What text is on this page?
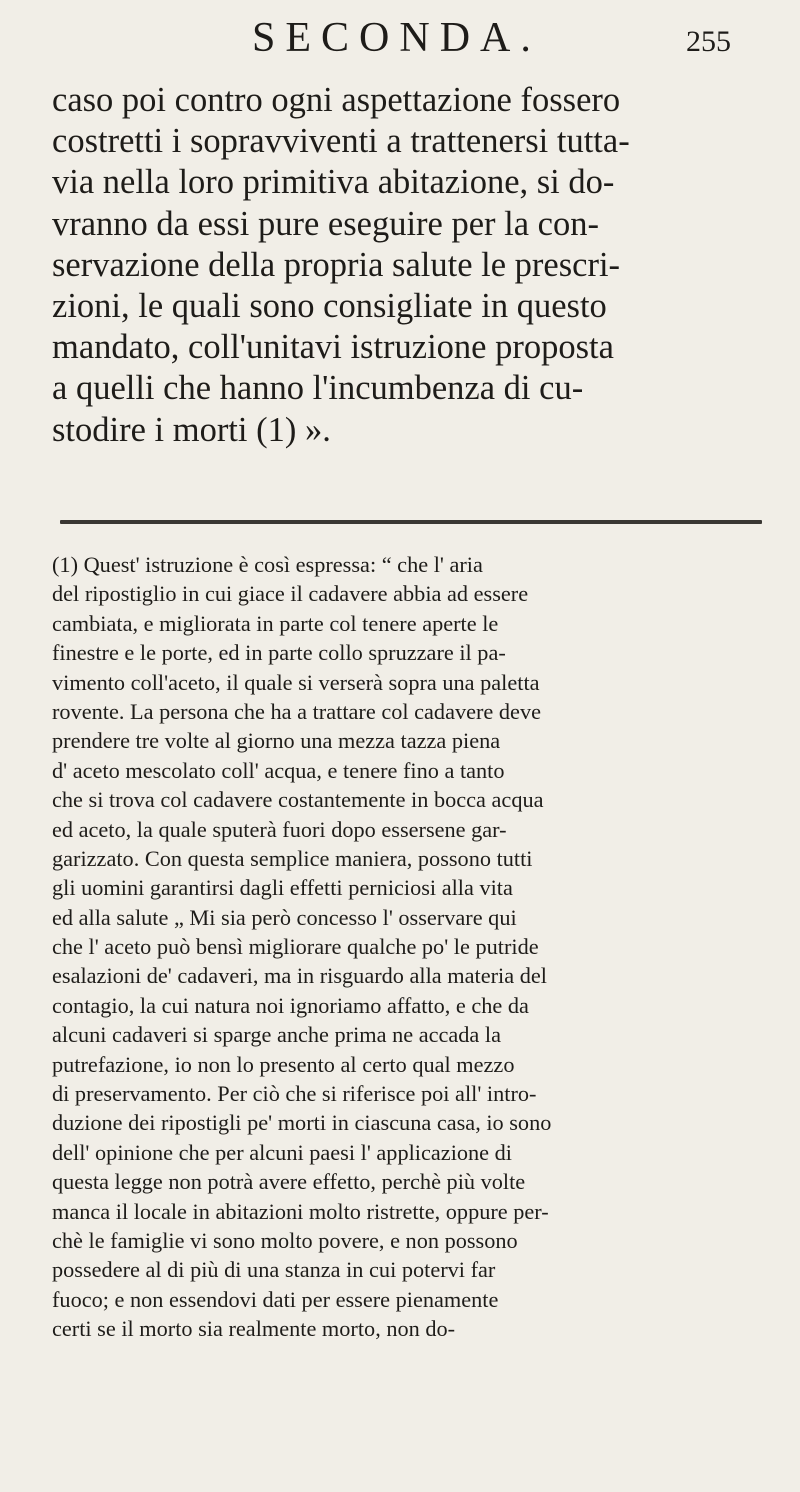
SECONDA.	255
caso poi contro ogni aspettazione fossero
costretti i sopravviventi a trattenersi tutta-
via nella loro primitiva abitazione, si do-
vranno da essi pure eseguire per la con-
servazione della propria salute le prescri-
zioni, le quali sono consigliate in questo
mandato, coll'unitavi istruzione proposta
a quelli che hanno l'incumbenza di cu-
stodire i morti (1) ».
(1) Quest' istruzione è così espressa: “ che l' aria
del ripostiglio in cui giace il cadavere abbia ad essere
cambiata, e migliorata in parte col tenere aperte le
finestre e le porte, ed in parte collo spruzzare il pa-
vimento coll'aceto, il quale si verserà sopra una paletta
rovente. La persona che ha a trattare col cadavere deve
prendere tre volte al giorno una mezza tazza piena
d' aceto mescolato coll' acqua, e tenere fino a tanto
che si trova col cadavere costantemente in bocca acqua
ed aceto, la quale sputerà fuori dopo essersene gar-
garizzato. Con questa semplice maniera, possono tutti
gli uomini garantirsi dagli effetti perniciosi alla vita
ed alla salute „ Mi sia però concesso l' osservare qui
che l' aceto può bensì migliorare qualche po' le putride
esalazioni de' cadaveri, ma in risguardo alla materia del
contagio, la cui natura noi ignoriamo affatto, e che da
alcuni cadaveri si sparge anche prima ne accada la
putrefazione, io non lo presento al certo qual mezzo
di preservamento. Per ciò che si riferisce poi all' intro-
duzione dei ripostigli pe' morti in ciascuna casa, io sono
dell' opinione che per alcuni paesi l' applicazione di
questa legge non potrà avere effetto, perchè più volte
manca il locale in abitazioni molto ristrette, oppure per-
chè le famiglie vi sono molto povere, e non possono
possedere al di più di una stanza in cui potervi far
fuoco; e non essendovi dati per essere pienamente
certi se il morto sia realmente morto, non do-
